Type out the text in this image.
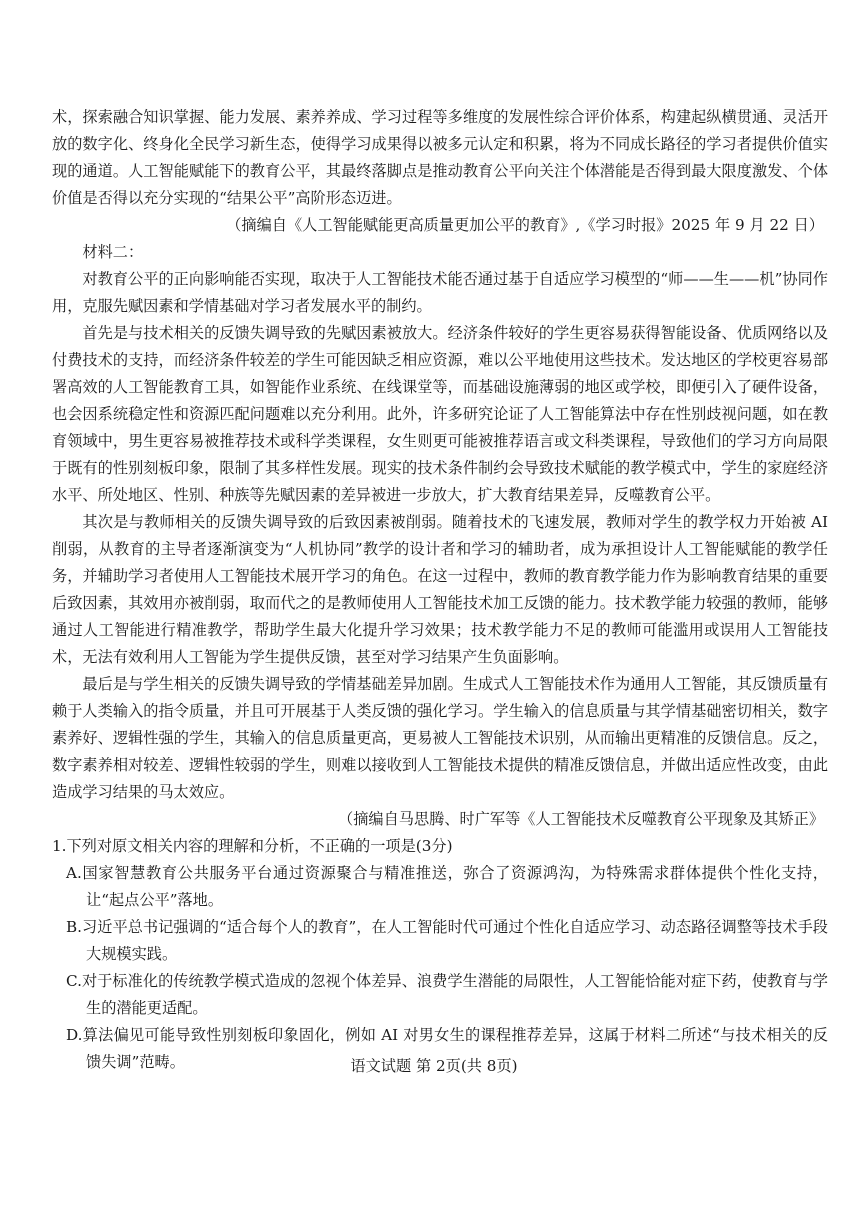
术，探索融合知识掌握、能力发展、素养养成、学习过程等多维度的发展性综合评价体系，构建起纵横贯通、灵活开放的数字化、终身化全民学习新生态，使得学习成果得以被多元认定和积累，将为不同成长路径的学习者提供价值实现的通道。人工智能赋能下的教育公平，其最终落脚点是推动教育公平向关注个体潜能是否得到最大限度激发、个体价值是否得以充分实现的“结果公平”高阶形态迈进。

（摘编自《人工智能赋能更高质量更加公平的教育》,《学习时报》2025 年 9 月 22 日）

材料二：

对教育公平的正向影响能否实现，取决于人工智能技术能否通过基于自适应学习模型的“师——生——机”协同作用，克服先赋因素和学情基础对学习者发展水平的制约。

首先是与技术相关的反馈失调导致的先赋因素被放大。经济条件较好的学生更容易获得智能设备、优质网络以及付费技术的支持，而经济条件较差的学生可能因缺乏相应资源，难以公平地使用这些技术。发达地区的学校更容易部署高效的人工智能教育工具，如智能作业系统、在线课堂等，而基础设施薄弱的地区或学校，即便引入了硬件设备，也会因系统稳定性和资源匹配问题难以充分利用。此外，许多研究论证了人工智能算法中存在性别歧视问题，如在教育领域中，男生更容易被推荐技术或科学类课程，女生则更可能被推荐语言或文科类课程，导致他们的学习方向局限于既有的性别刻板印象，限制了其多样性发展。现实的技术条件制约会导致技术赋能的教学模式中，学生的家庭经济水平、所处地区、性别、种族等先赋因素的差异被进一步放大，扩大教育结果差异，反噬教育公平。

其次是与教师相关的反馈失调导致的后致因素被削弱。随着技术的飞速发展，教师对学生的教学权力开始被 AI 削弱，从教育的主导者逐渐演变为“人机协同”教学的设计者和学习的辅助者，成为承担设计人工智能赋能的教学任务，并辅助学习者使用人工智能技术展开学习的角色。在这一过程中，教师的教育教学能力作为影响教育结果的重要后致因素，其效用亦被削弱，取而代之的是教师使用人工智能技术加工反馈的能力。技术教学能力较强的教师，能够通过人工智能进行精准教学，帮助学生最大化提升学习效果；技术教学能力不足的教师可能滥用或误用人工智能技术，无法有效利用人工智能为学生提供反馈，甚至对学习结果产生负面影响。

最后是与学生相关的反馈失调导致的学情基础差异加剧。生成式人工智能技术作为通用人工智能，其反馈质量有赖于人类输入的指令质量，并且可开展基于人类反馈的强化学习。学生输入的信息质量与其学情基础密切相关，数字素养好、逻辑性强的学生，其输入的信息质量更高，更易被人工智能技术识别，从而输出更精准的反馈信息。反之，数字素养相对较差、逻辑性较弱的学生，则难以接收到人工智能技术提供的精准反馈信息，并做出适应性改变，由此造成学习结果的马太效应。

（摘编自马思腾、时广军等《人工智能技术反噬教育公平现象及其矫正》

1.下列对原文相关内容的理解和分析，不正确的一项是(3分)

A.国家智慧教育公共服务平台通过资源聚合与精准推送，弥合了资源鸿沟，为特殊需求群体提供个性化支持，让“起点公平”落地。

B.习近平总书记强调的“适合每个人的教育”，在人工智能时代可通过个性化自适应学习、动态路径调整等技术手段大规模实践。

C.对于标准化的传统教学模式造成的忽视个体差异、浪费学生潜能的局限性，人工智能恰能对症下药，使教育与学生的潜能更适配。

D.算法偏见可能导致性别刻板印象固化，例如 AI 对男女生的课程推荐差异，这属于材料二所述“与技术相关的反馈失调”范畴。	语文试题 第 2页(共 8页)
